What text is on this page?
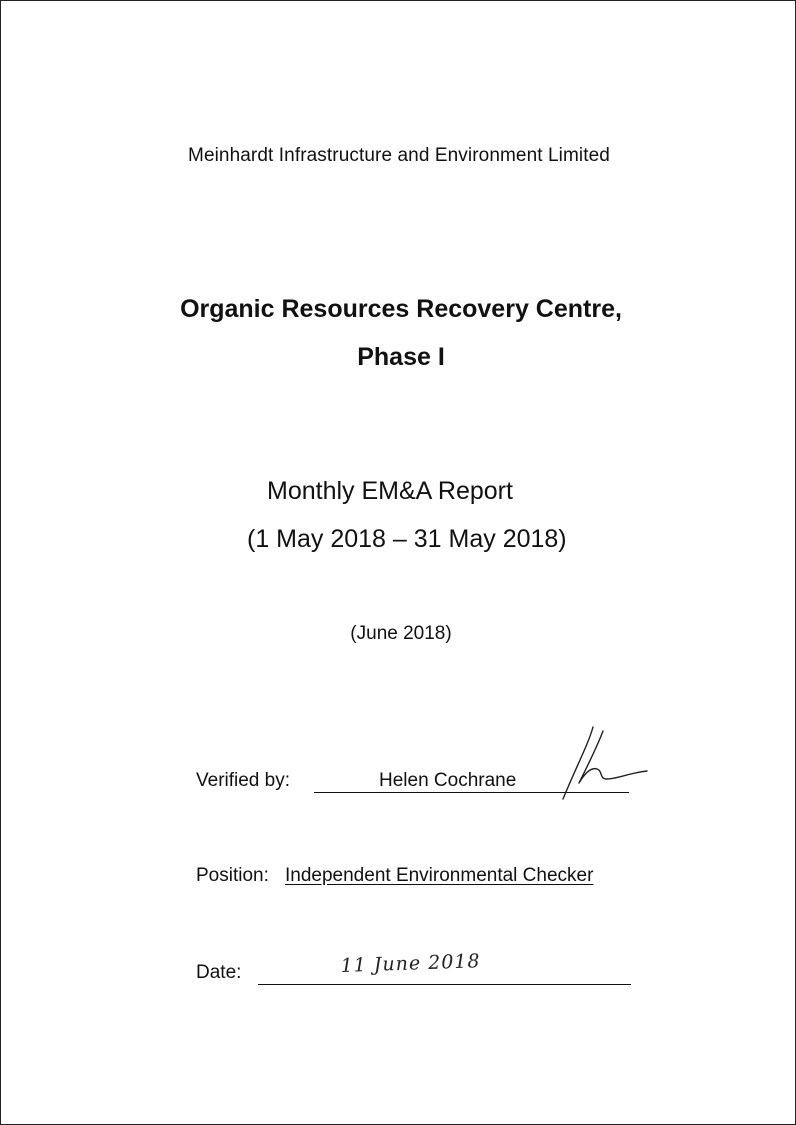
Meinhardt Infrastructure and Environment Limited
Organic Resources Recovery Centre,
Phase I
Monthly EM&A Report
(1 May 2018 – 31 May 2018)
(June 2018)
Verified by:	Helen Cochrane
Position: Independent Environmental Checker
Date:	11 June 2018
